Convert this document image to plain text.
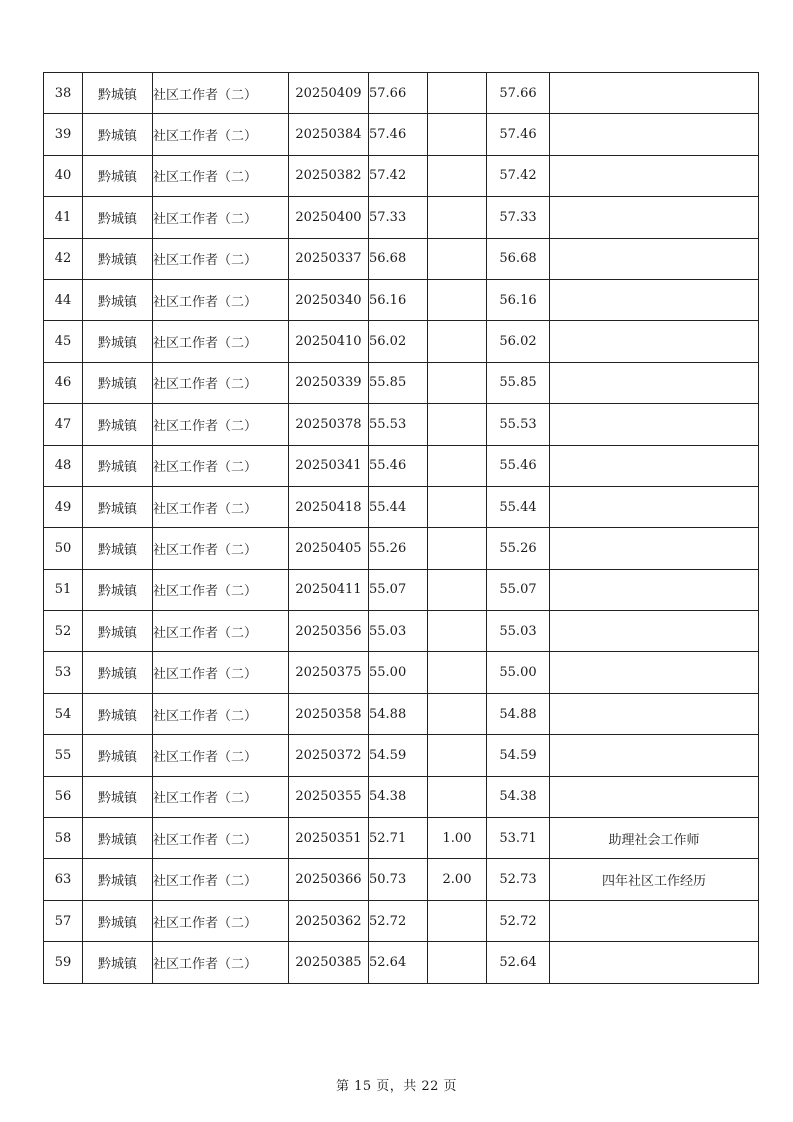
38	黔城镇	社区工作者（二）	20250409	57.66		57.66	
39	黔城镇	社区工作者（二）	20250384	57.46		57.46	
40	黔城镇	社区工作者（二）	20250382	57.42		57.42	
41	黔城镇	社区工作者（二）	20250400	57.33		57.33	
42	黔城镇	社区工作者（二）	20250337	56.68		56.68	
44	黔城镇	社区工作者（二）	20250340	56.16		56.16	
45	黔城镇	社区工作者（二）	20250410	56.02		56.02	
46	黔城镇	社区工作者（二）	20250339	55.85		55.85	
47	黔城镇	社区工作者（二）	20250378	55.53		55.53	
48	黔城镇	社区工作者（二）	20250341	55.46		55.46	
49	黔城镇	社区工作者（二）	20250418	55.44		55.44	
50	黔城镇	社区工作者（二）	20250405	55.26		55.26	
51	黔城镇	社区工作者（二）	20250411	55.07		55.07	
52	黔城镇	社区工作者（二）	20250356	55.03		55.03	
53	黔城镇	社区工作者（二）	20250375	55.00		55.00	
54	黔城镇	社区工作者（二）	20250358	54.88		54.88	
55	黔城镇	社区工作者（二）	20250372	54.59		54.59	
56	黔城镇	社区工作者（二）	20250355	54.38		54.38	
58	黔城镇	社区工作者（二）	20250351	52.71	1.00	53.71	助理社会工作师
63	黔城镇	社区工作者（二）	20250366	50.73	2.00	52.73	四年社区工作经历
57	黔城镇	社区工作者（二）	20250362	52.72		52.72	
59	黔城镇	社区工作者（二）	20250385	52.64		52.64	
第 15 页，共 22 页
